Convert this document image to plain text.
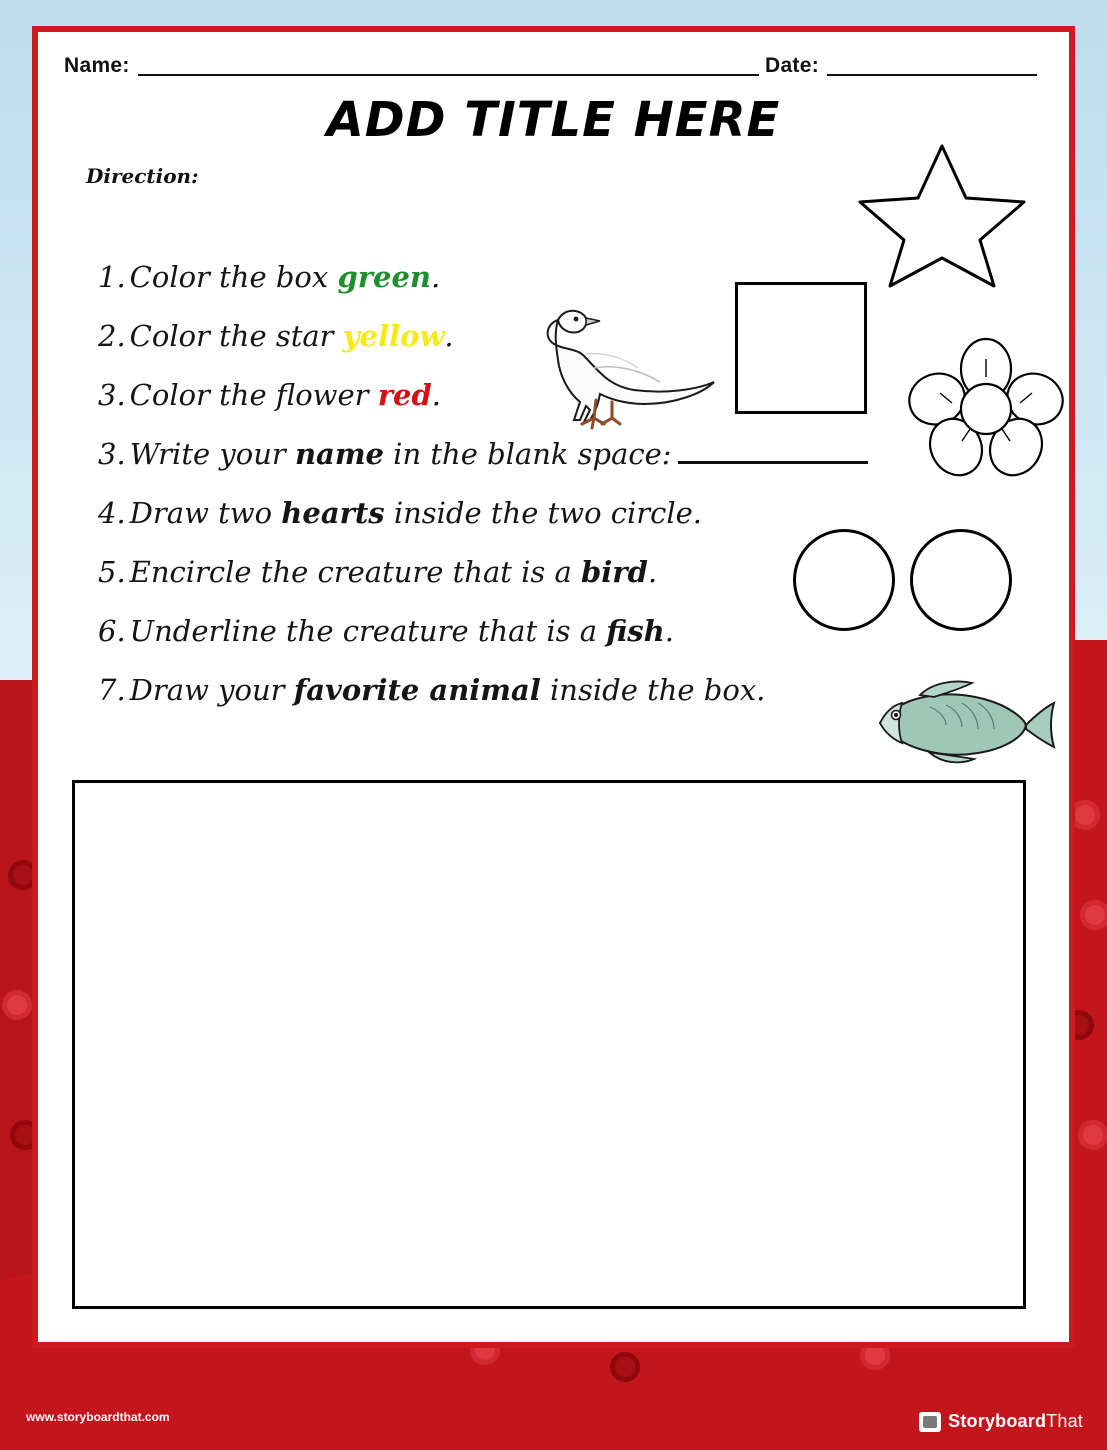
Name:	Date:
ADD TITLE HERE
Direction:
1. Color the box green.
2. Color the star yellow.
3. Color the flower red.
3. Write your name in the blank space:
4. Draw two hearts inside the two circle.
5. Encircle the creature that is a bird.
6. Underline the creature that is a fish.
7. Draw your favorite animal inside the box.
www.storyboardthat.com	StoryboardThat
